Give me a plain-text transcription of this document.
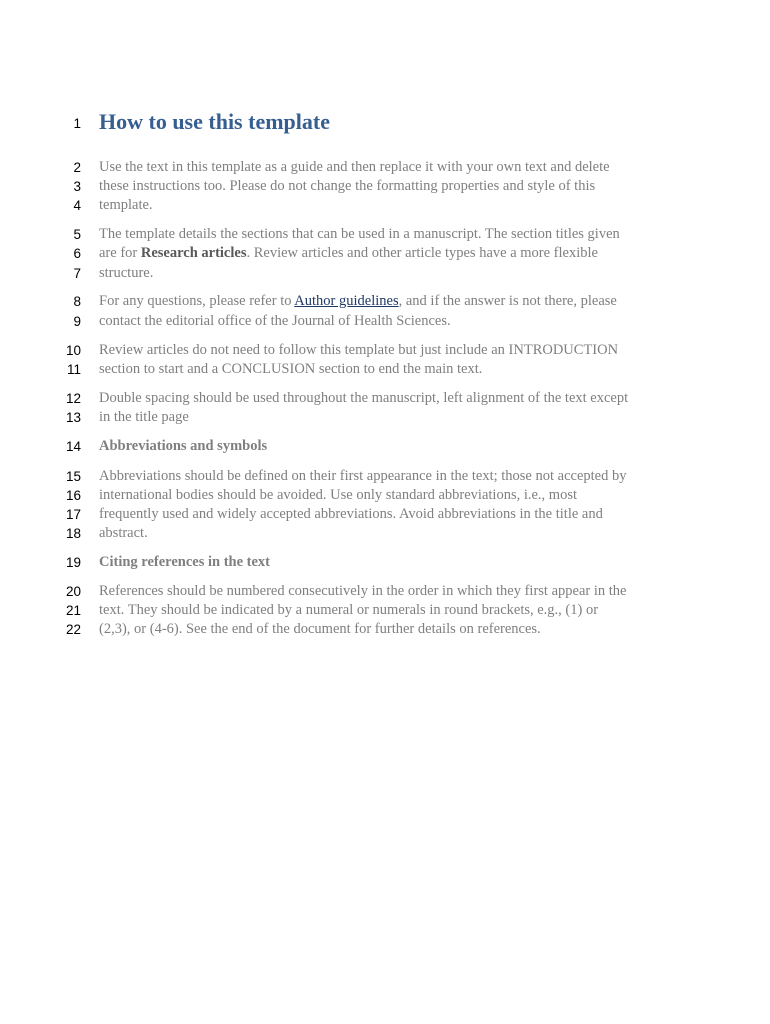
1
2
3
4
5
6
7
8
9
10
11
12
13
14
15
16
17
18
19
20
21
22
How to use this template
Use the text in this template as a guide and then replace it with your own text and delete
these instructions too. Please do not change the formatting properties and style of this
template.
The template details the sections that can be used in a manuscript. The section titles given
are for Research articles. Review articles and other article types have a more flexible
structure.
For any questions, please refer to Author guidelines, and if the answer is not there, please
contact the editorial office of the Journal of Health Sciences.
Review articles do not need to follow this template but just include an INTRODUCTION
section to start and a CONCLUSION section to end the main text.
Double spacing should be used throughout the manuscript, left alignment of the text except
in the title page
Abbreviations and symbols
Abbreviations should be defined on their first appearance in the text; those not accepted by
international bodies should be avoided. Use only standard abbreviations, i.e., most
frequently used and widely accepted abbreviations. Avoid abbreviations in the title and
abstract.
Citing references in the text
References should be numbered consecutively in the order in which they first appear in the
text. They should be indicated by a numeral or numerals in round brackets, e.g., (1) or
(2,3), or (4-6). See the end of the document for further details on references.
